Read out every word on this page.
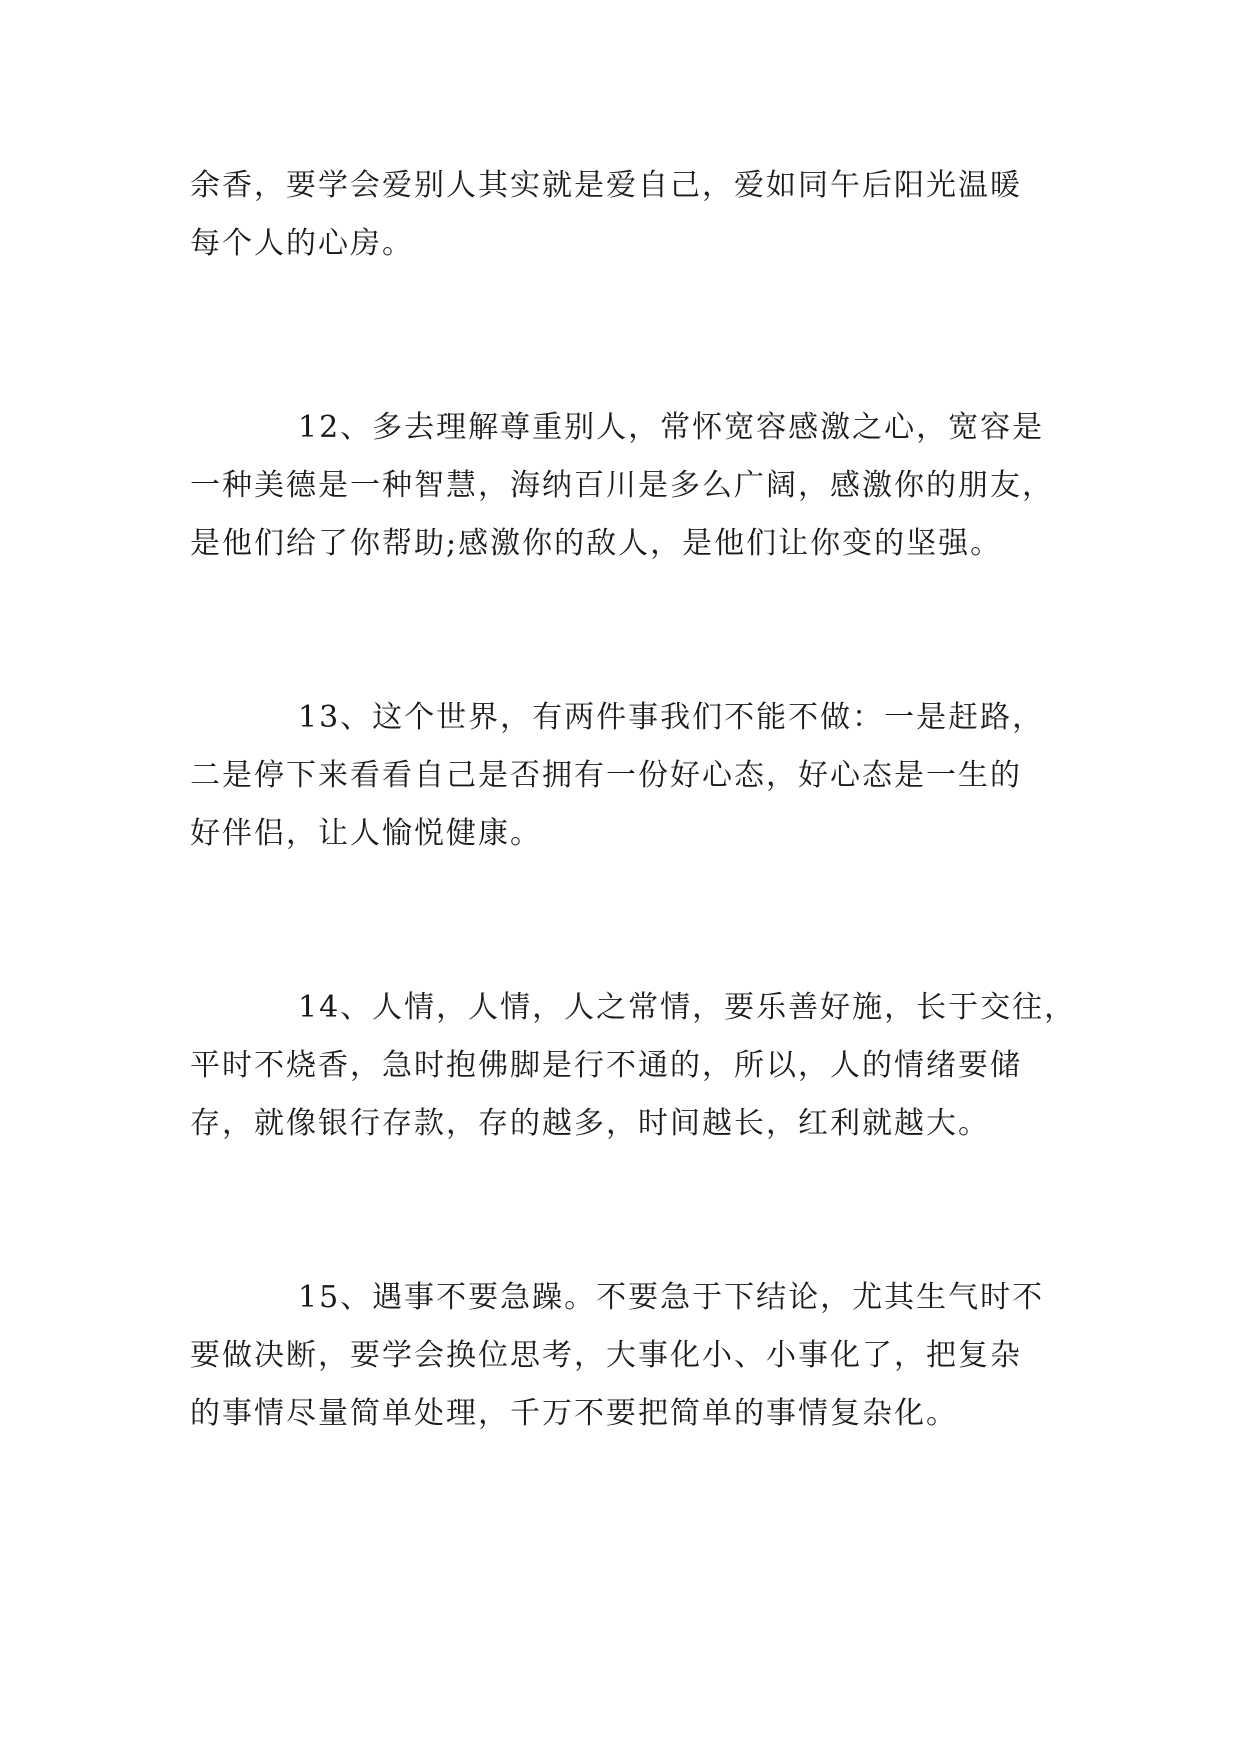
余香，要学会爱别人其实就是爱自己，爱如同午后阳光温暖
每个人的心房。

12、多去理解尊重别人，常怀宽容感激之心，宽容是
一种美德是一种智慧，海纳百川是多么广阔，感激你的朋友，
是他们给了你帮助;感激你的敌人，是他们让你变的坚强。

13、这个世界，有两件事我们不能不做：一是赶路，
二是停下来看看自己是否拥有一份好心态，好心态是一生的
好伴侣，让人愉悦健康。

14、人情，人情，人之常情，要乐善好施，长于交往，
平时不烧香，急时抱佛脚是行不通的，所以，人的情绪要储
存，就像银行存款，存的越多，时间越长，红利就越大。

15、遇事不要急躁。不要急于下结论，尤其生气时不
要做决断，要学会换位思考，大事化小、小事化了，把复杂
的事情尽量简单处理，千万不要把简单的事情复杂化。
